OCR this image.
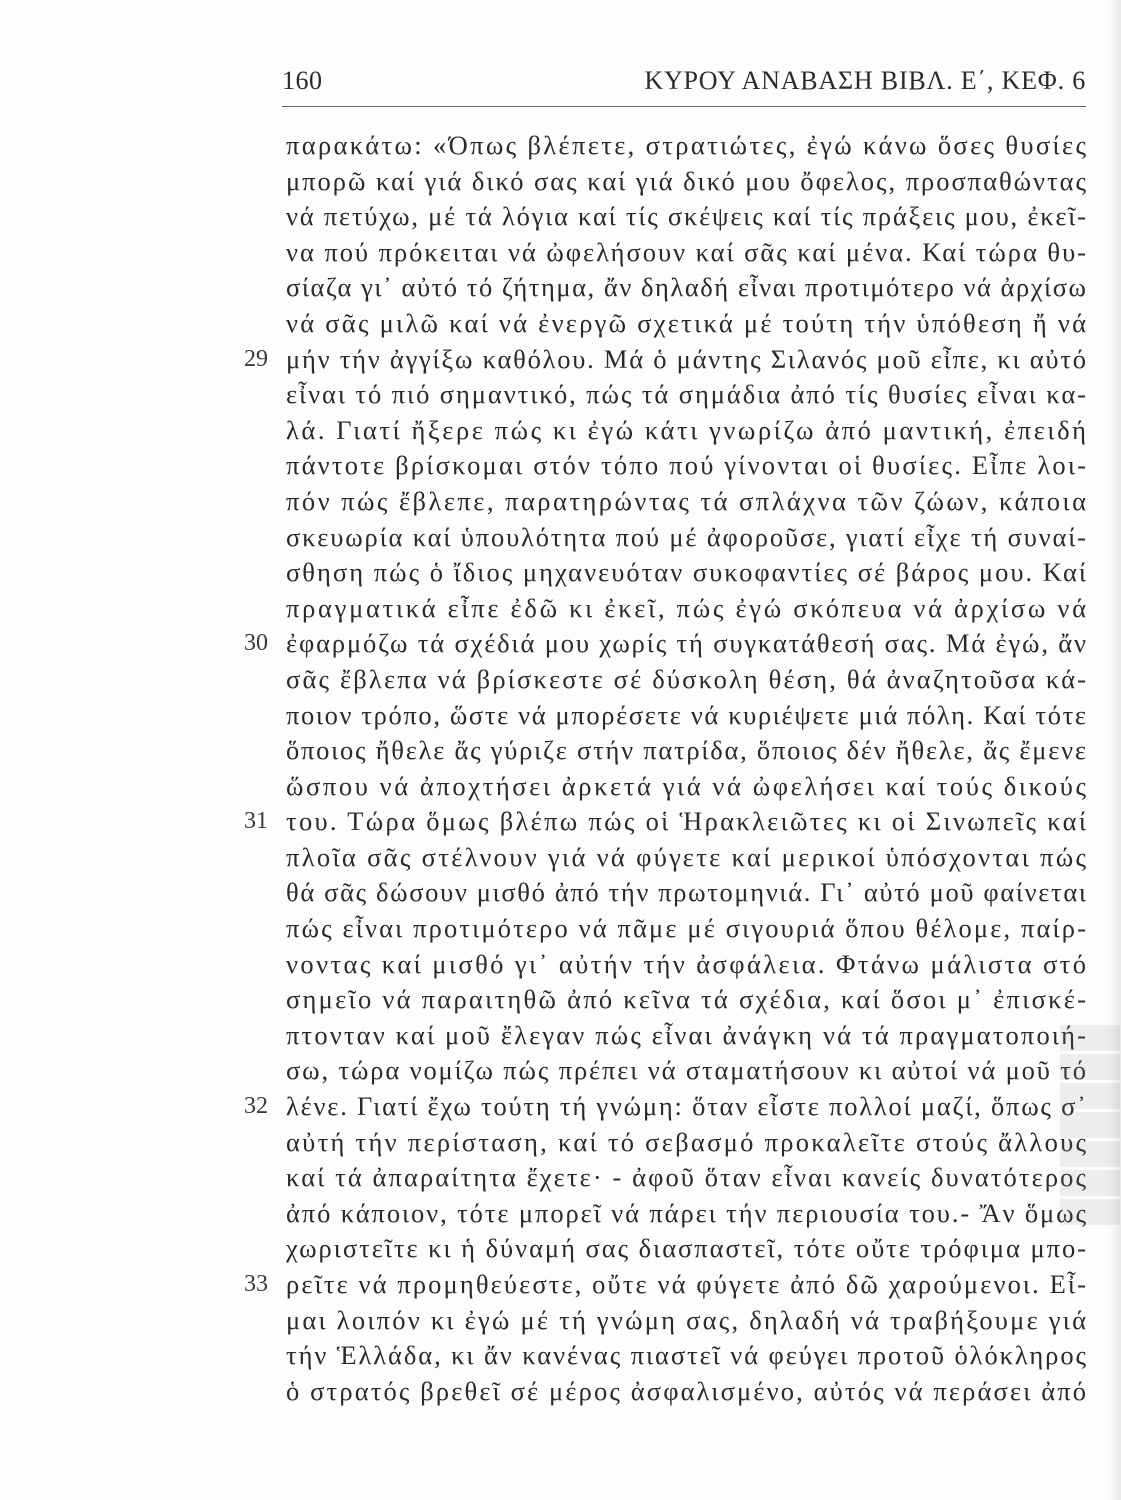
160	ΚΥΡΟΥ ΑΝΑΒΑΣΗ ΒΙΒΛ. Ε΄, ΚΕΦ. 6
παρακάτω: «Όπως βλέπετε, στρατιώτες, ἐγώ κάνω ὅσες θυσίες
μπορῶ καί γιά δικό σας καί γιά δικό μου ὄφελος, προσπαθώντας
νά πετύχω, μέ τά λόγια καί τίς σκέψεις καί τίς πράξεις μου, ἐκεῖ-
να πού πρόκειται νά ὠφελήσουν καί σᾶς καί μένα. Καί τώρα θυ-
σίαζα γι᾽ αὐτό τό ζήτημα, ἄν δηλαδή εἶναι προτιμότερο νά ἀρχίσω
νά σᾶς μιλῶ καί νά ἐνεργῶ σχετικά μέ τούτη τήν ὑπόθεση ἤ νά
μήν τήν ἀγγίξω καθόλου. Μά ὁ μάντης Σιλανός μοῦ εἶπε, κι αὐτό
29
εἶναι τό πιό σημαντικό, πώς τά σημάδια ἀπό τίς θυσίες εἶναι κα-
λά. Γιατί ἤξερε πώς κι ἐγώ κάτι γνωρίζω ἀπό μαντική, ἐπειδή
πάντοτε βρίσκομαι στόν τόπο πού γίνονται οἱ θυσίες. Εἶπε λοι-
πόν πώς ἔβλεπε, παρατηρώντας τά σπλάχνα τῶν ζώων, κάποια
σκευωρία καί ὑπουλότητα πού μέ ἀφοροῦσε, γιατί εἶχε τή συναί-
σθηση πώς ὁ ἴδιος μηχανευόταν συκοφαντίες σέ βάρος μου. Καί
πραγματικά εἶπε ἐδῶ κι ἐκεῖ, πώς ἐγώ σκόπευα νά ἀρχίσω νά
ἐφαρμόζω τά σχέδιά μου χωρίς τή συγκατάθεσή σας. Μά ἐγώ, ἄν
30
σᾶς ἔβλεπα νά βρίσκεστε σέ δύσκολη θέση, θά ἀναζητοῦσα κά-
ποιον τρόπο, ὥστε νά μπορέσετε νά κυριέψετε μιά πόλη. Καί τότε
ὅποιος ἤθελε ἄς γύριζε στήν πατρίδα, ὅποιος δέν ἤθελε, ἄς ἔμενε
ὥσπου νά ἀποχτήσει ἀρκετά γιά νά ὠφελήσει καί τούς δικούς
του. Τώρα ὅμως βλέπω πώς οἱ Ἡρακλειῶτες κι οἱ Σινωπεῖς καί
31
πλοῖα σᾶς στέλνουν γιά νά φύγετε καί μερικοί ὑπόσχονται πώς
θά σᾶς δώσουν μισθό ἀπό τήν πρωτομηνιά. Γι᾽ αὐτό μοῦ φαίνεται
πώς εἶναι προτιμότερο νά πᾶμε μέ σιγουριά ὅπου θέλομε, παίρ-
νοντας καί μισθό γι᾽ αὐτήν τήν ἀσφάλεια. Φτάνω μάλιστα στό
σημεῖο νά παραιτηθῶ ἀπό κεῖνα τά σχέδια, καί ὅσοι μ᾽ ἐπισκέ-
πτονταν καί μοῦ ἔλεγαν πώς εἶναι ἀνάγκη νά τά πραγματοποιή-
σω, τώρα νομίζω πώς πρέπει νά σταματήσουν κι αὐτοί νά μοῦ τό
λένε. Γιατί ἔχω τούτη τή γνώμη: ὅταν εἶστε πολλοί μαζί, ὅπως σ᾽
32
αὐτή τήν περίσταση, καί τό σεβασμό προκαλεῖτε στούς ἄλλους
καί τά ἀπαραίτητα ἔχετε· - ἀφοῦ ὅταν εἶναι κανείς δυνατότερος
ἀπό κάποιον, τότε μπορεῖ νά πάρει τήν περιουσία του.- Ἄν ὅμως
χωριστεῖτε κι ἡ δύναμή σας διασπαστεῖ, τότε οὔτε τρόφιμα μπο-
ρεῖτε νά προμηθεύεστε, οὔτε νά φύγετε ἀπό δῶ χαρούμενοι. Εἶ-
33
μαι λοιπόν κι ἐγώ μέ τή γνώμη σας, δηλαδή νά τραβήξουμε γιά
τήν Ἑλλάδα, κι ἄν κανένας πιαστεῖ νά φεύγει προτοῦ ὁλόκληρος
ὁ στρατός βρεθεῖ σέ μέρος ἀσφαλισμένο, αὐτός νά περάσει ἀπό
